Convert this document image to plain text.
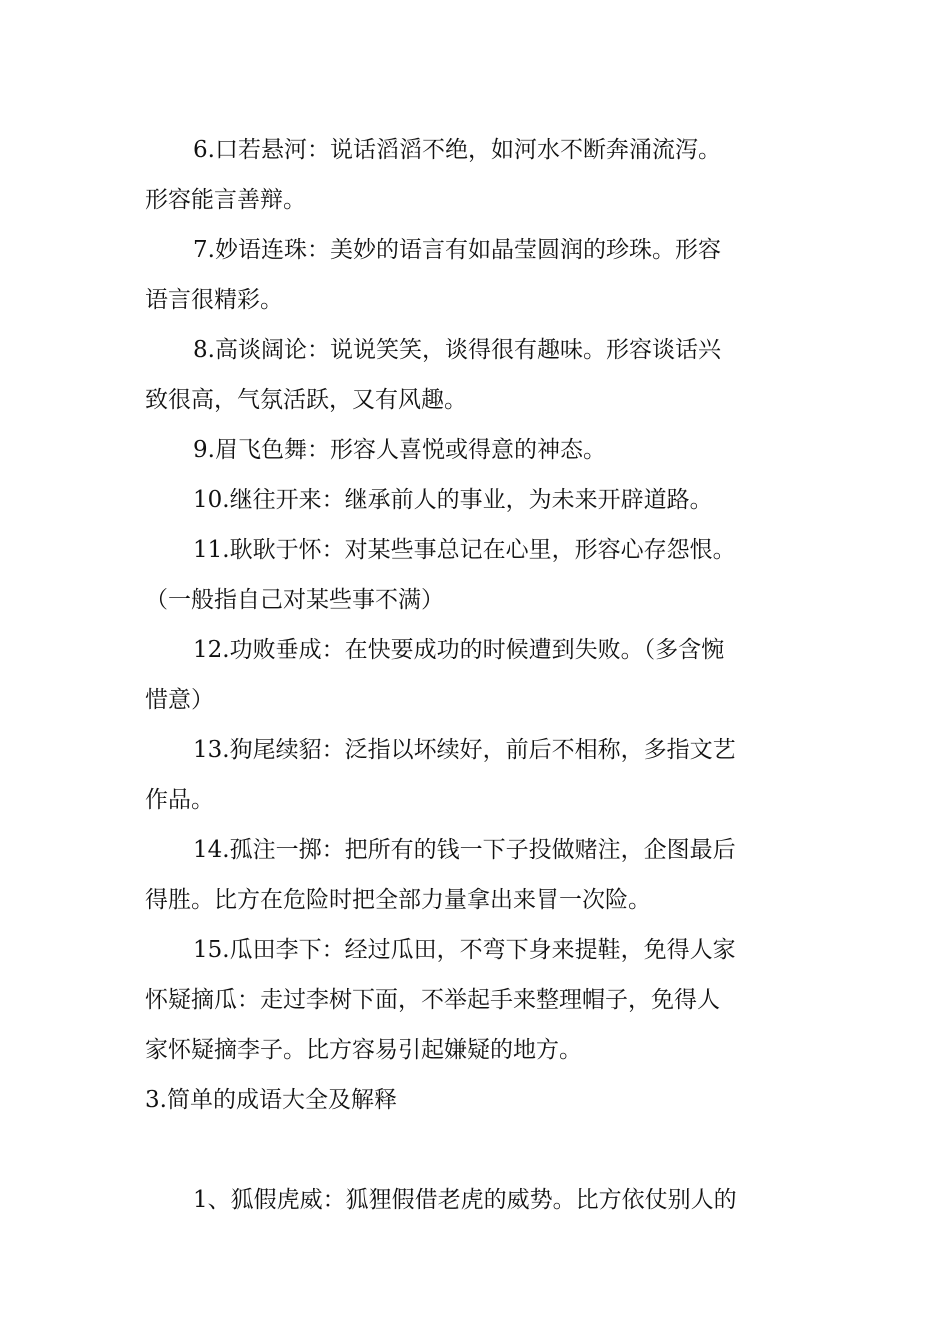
6.口若悬河：说话滔滔不绝，如河水不断奔涌流泻。
形容能言善辩。

7.妙语连珠：美妙的语言有如晶莹圆润的珍珠。形容
语言很精彩。

8.高谈阔论：说说笑笑，谈得很有趣味。形容谈话兴
致很高，气氛活跃，又有风趣。

9.眉飞色舞：形容人喜悦或得意的神态。

10.继往开来：继承前人的事业，为未来开辟道路。

11.耿耿于怀：对某些事总记在心里，形容心存怨恨。
（一般指自己对某些事不满）

12.功败垂成：在快要成功的时候遭到失败。（多含惋
惜意）

13.狗尾续貂：泛指以坏续好，前后不相称，多指文艺
作品。

14.孤注一掷：把所有的钱一下子投做赌注，企图最后
得胜。比方在危险时把全部力量拿出来冒一次险。

15.瓜田李下：经过瓜田，不弯下身来提鞋，免得人家
怀疑摘瓜：走过李树下面，不举起手来整理帽子，免得人
家怀疑摘李子。比方容易引起嫌疑的地方。

3.简单的成语大全及解释

1、狐假虎威：狐狸假借老虎的威势。比方依仗别人的
